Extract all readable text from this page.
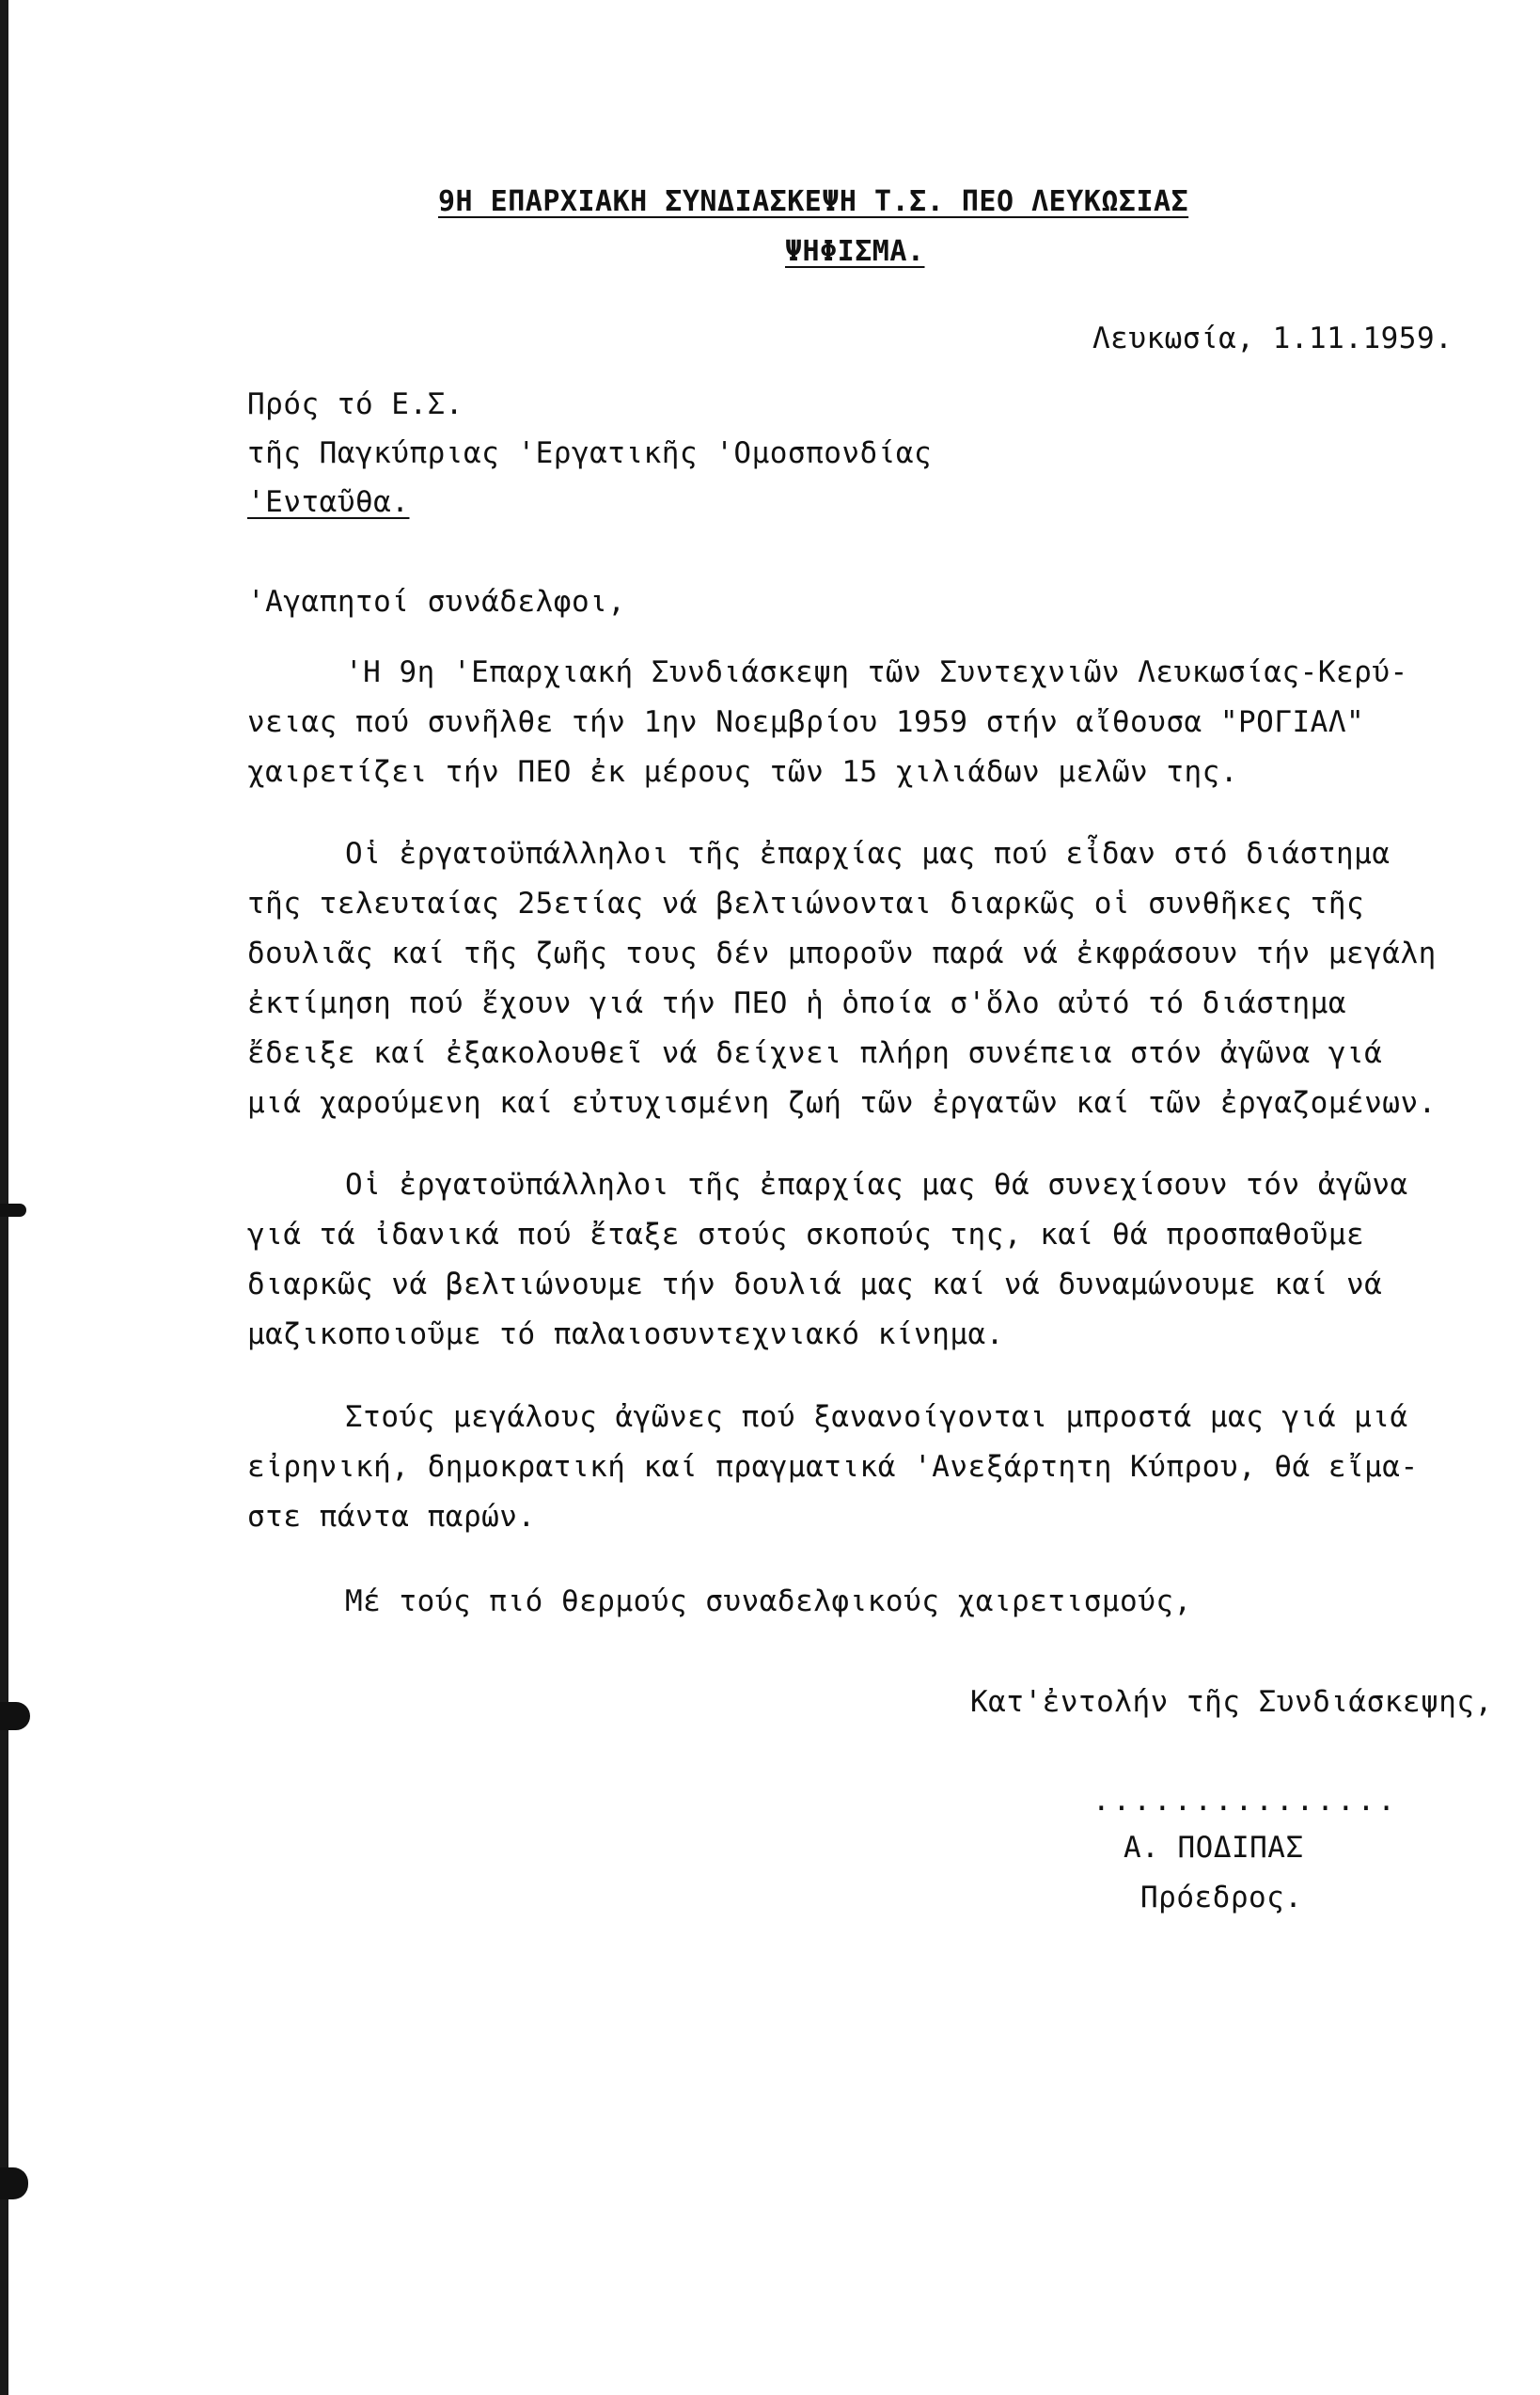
9Η ΕΠΑΡΧΙΑΚΗ ΣΥΝΔΙΑΣΚΕΨΗ Τ.Σ. ΠΕΟ ΛΕΥΚΩΣΙΑΣ
ΨΗΦΙΣΜΑ.
Λευκωσία, 1.11.1959.
Πρός τό Ε.Σ.
τῆς Παγκύπριας 'Εργατικῆς 'Ομοσπονδίας
'Ενταῦθα.
'Αγαπητοί συνάδελφοι,
'Η 9η 'Επαρχιακή Συνδιάσκεψη τῶν Συντεχνιῶν Λευκωσίας-Κερύ-
νειας πού συνῆλθε τήν 1ην Νοεμβρίου 1959 στήν αἴθουσα "ΡΟΓΙΑΛ"
χαιρετίζει τήν ΠΕΟ ἐκ μέρους τῶν 15 χιλιάδων μελῶν της.
Οἱ ἐργατοϋπάλληλοι τῆς ἐπαρχίας μας πού εἶδαν στό διάστημα
τῆς τελευταίας 25ετίας νά βελτιώνονται διαρκῶς οἱ συνθῆκες τῆς
δουλιᾶς καί τῆς ζωῆς τους δέν μποροῦν παρά νά ἐκφράσουν τήν μεγάλη
ἐκτίμηση πού ἔχουν γιά τήν ΠΕΟ ἡ ὁποία σ'ὅλο αὐτό τό διάστημα
ἔδειξε καί ἐξακολουθεῖ νά δείχνει πλήρη συνέπεια στόν ἀγῶνα γιά
μιά χαρούμενη καί εὐτυχισμένη ζωή τῶν ἐργατῶν καί τῶν ἐργαζομένων.
Οἱ ἐργατοϋπάλληλοι τῆς ἐπαρχίας μας θά συνεχίσουν τόν ἀγῶνα
γιά τά ἰδανικά πού ἔταξε στούς σκοπούς της, καί θά προσπαθοῦμε
διαρκῶς νά βελτιώνουμε τήν δουλιά μας καί νά δυναμώνουμε καί νά
μαζικοποιοῦμε τό παλαιοσυντεχνιακό κίνημα.
Στούς μεγάλους ἀγῶνες πού ξανανοίγονται μπροστά μας γιά μιά
εἰρηνική, δημοκρατική καί πραγματικά 'Ανεξάρτητη Κύπρου, θά εἴμα-
στε πάντα παρών.
Μέ τούς πιό θερμούς συναδελφικούς χαιρετισμούς,
Κατ'ἐντολήν τῆς Συνδιάσκεψης,
...............
Α. ΠΟΔΙΠΑΣ
Πρόεδρος.
